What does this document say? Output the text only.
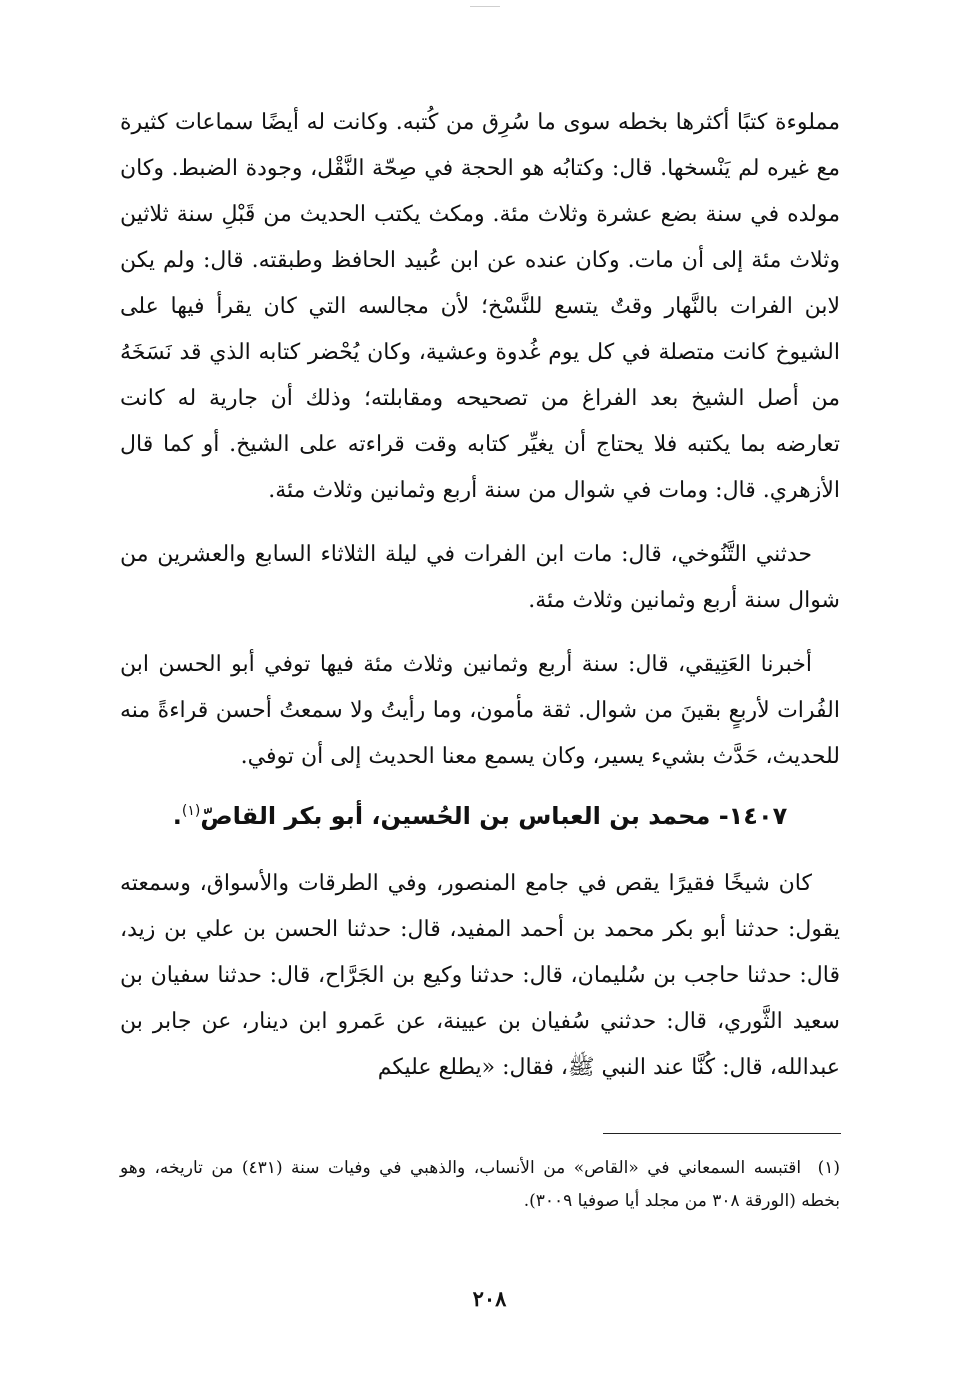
مملوءة كتبًا أكثرها بخطه سوى ما سُرِق من كُتبه. وكانت له أيضًا سماعات كثيرة مع غيره لم يَنْسخها. قال: وكتابُه هو الحجة في صِحّة النَّقْل، وجودة الضبط. وكان مولده في سنة بضع عشرة وثلاث مئة. ومكث يكتب الحديث من قَبْلِ سنة ثلاثين وثلاث مئة إلى أن مات. وكان عنده عن ابن عُبيد الحافظ وطبقته. قال: ولم يكن لابن الفرات بالنَّهار وقتٌ يتسع للنَّسْخ؛ لأن مجالسه التي كان يقرأ فيها على الشيوخ كانت متصلة في كل يوم غُدوة وعشية، وكان يُحْضر كتابه الذي قد نَسَخَهُ من أصل الشيخ بعد الفراغ من تصحيحه ومقابلته؛ وذلك أن جارية له كانت تعارضه بما يكتبه فلا يحتاج أن يغيِّر كتابه وقت قراءته على الشيخ. أو كما قال الأزهري. قال: ومات في شوال من سنة أربع وثمانين وثلاث مئة.

حدثني التَّنُوخي، قال: مات ابن الفرات في ليلة الثلاثاء السابع والعشرين من شوال سنة أربع وثمانين وثلاث مئة.

أخبرنا العَتِيقي، قال: سنة أربع وثمانين وثلاث مئة فيها توفي أبو الحسن ابن الفُرات لأربعٍ بقينَ من شوال. ثقة مأمون، وما رأيتُ ولا سمعتُ أحسن قراءةً منه للحديث، حَدَّث بشيء يسير، وكان يسمع معنا الحديث إلى أن توفي.

١٤٠٧- محمد بن العباس بن الحُسين، أبو بكر القاصّ$^{(١)}$.

كان شيخًا فقيرًا يقص في جامع المنصور، وفي الطرقات والأسواق، وسمعته يقول: حدثنا أبو بكر محمد بن أحمد المفيد، قال: حدثنا الحسن بن علي بن زيد، قال: حدثنا حاجب بن سُليمان، قال: حدثنا وكيع بن الجَرَّاح، قال: حدثنا سفيان بن سعيد الثَّوري، قال: حدثني سُفيان بن عيينة، عن عَمرو ابن دينار، عن جابر بن عبدالله، قال: كُنَّا عند النبي ﷺ، فقال: «يطلع عليكم

(١) اقتبسه السمعاني في «القاص» من الأنساب، والذهبي في وفيات سنة (٤٣١) من تاريخه، وهو بخطه (الورقة ٣٠٨ من مجلد أيا صوفيا ٣٠٠٩).
٢٠٨
